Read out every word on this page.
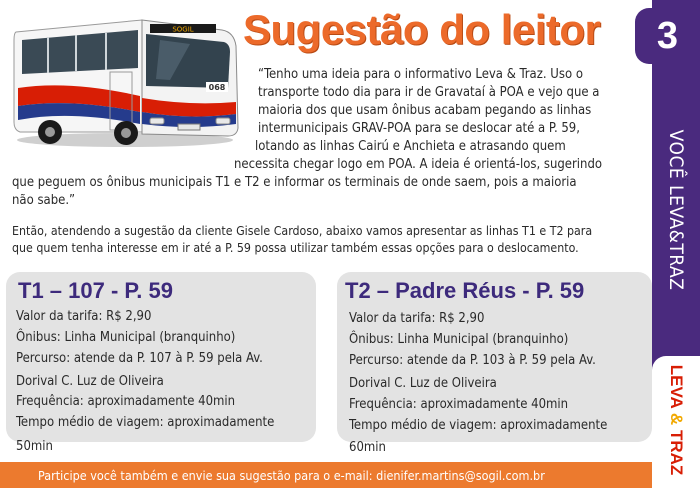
3
VOCÊ LEVA&TRAZ
LEVA & TRAZ
SOGIL
068
Sugestão do leitor

“Tenho uma ideia para o informativo Leva & Traz. Uso o

transporte todo dia para ir de Gravataí à POA e vejo que a

maioria dos que usam ônibus acabam pegando as linhas

intermunicipais GRAV-POA para se deslocar até a P. 59,

lotando as linhas Cairú e Anchieta e atrasando quem

necessita chegar logo em POA. A ideia é orientá-los, sugerindo

que peguem os ônibus municipais T1 e T2 e informar os terminais de onde saem, pois a maioria

não sabe.”

Então, atendendo a sugestão da cliente Gisele Cardoso, abaixo vamos apresentar as linhas T1 e T2 para

que quem tenha interesse em ir até a P. 59 possa utilizar também essas opções para o deslocamento.

T1 – 107 - P. 59
Valor da tarifa: R$ 2,90
Ônibus: Linha Municipal (branquinho)
Percurso: atende da P. 107 à P. 59 pela Av.
Dorival C. Luz de Oliveira
Frequência: aproximadamente 40min
Tempo médio de viagem: aproximadamente
50min
T2 – Padre Réus - P. 59
Valor da tarifa: R$ 2,90
Ônibus: Linha Municipal (branquinho)
Percurso: atende da P. 103 à P. 59 pela Av.
Dorival C. Luz de Oliveira
Frequência: aproximadamente 40min
Tempo médio de viagem: aproximadamente
60min
Participe você também e envie sua sugestão para o e-mail: dienifer.martins@sogil.com.br
